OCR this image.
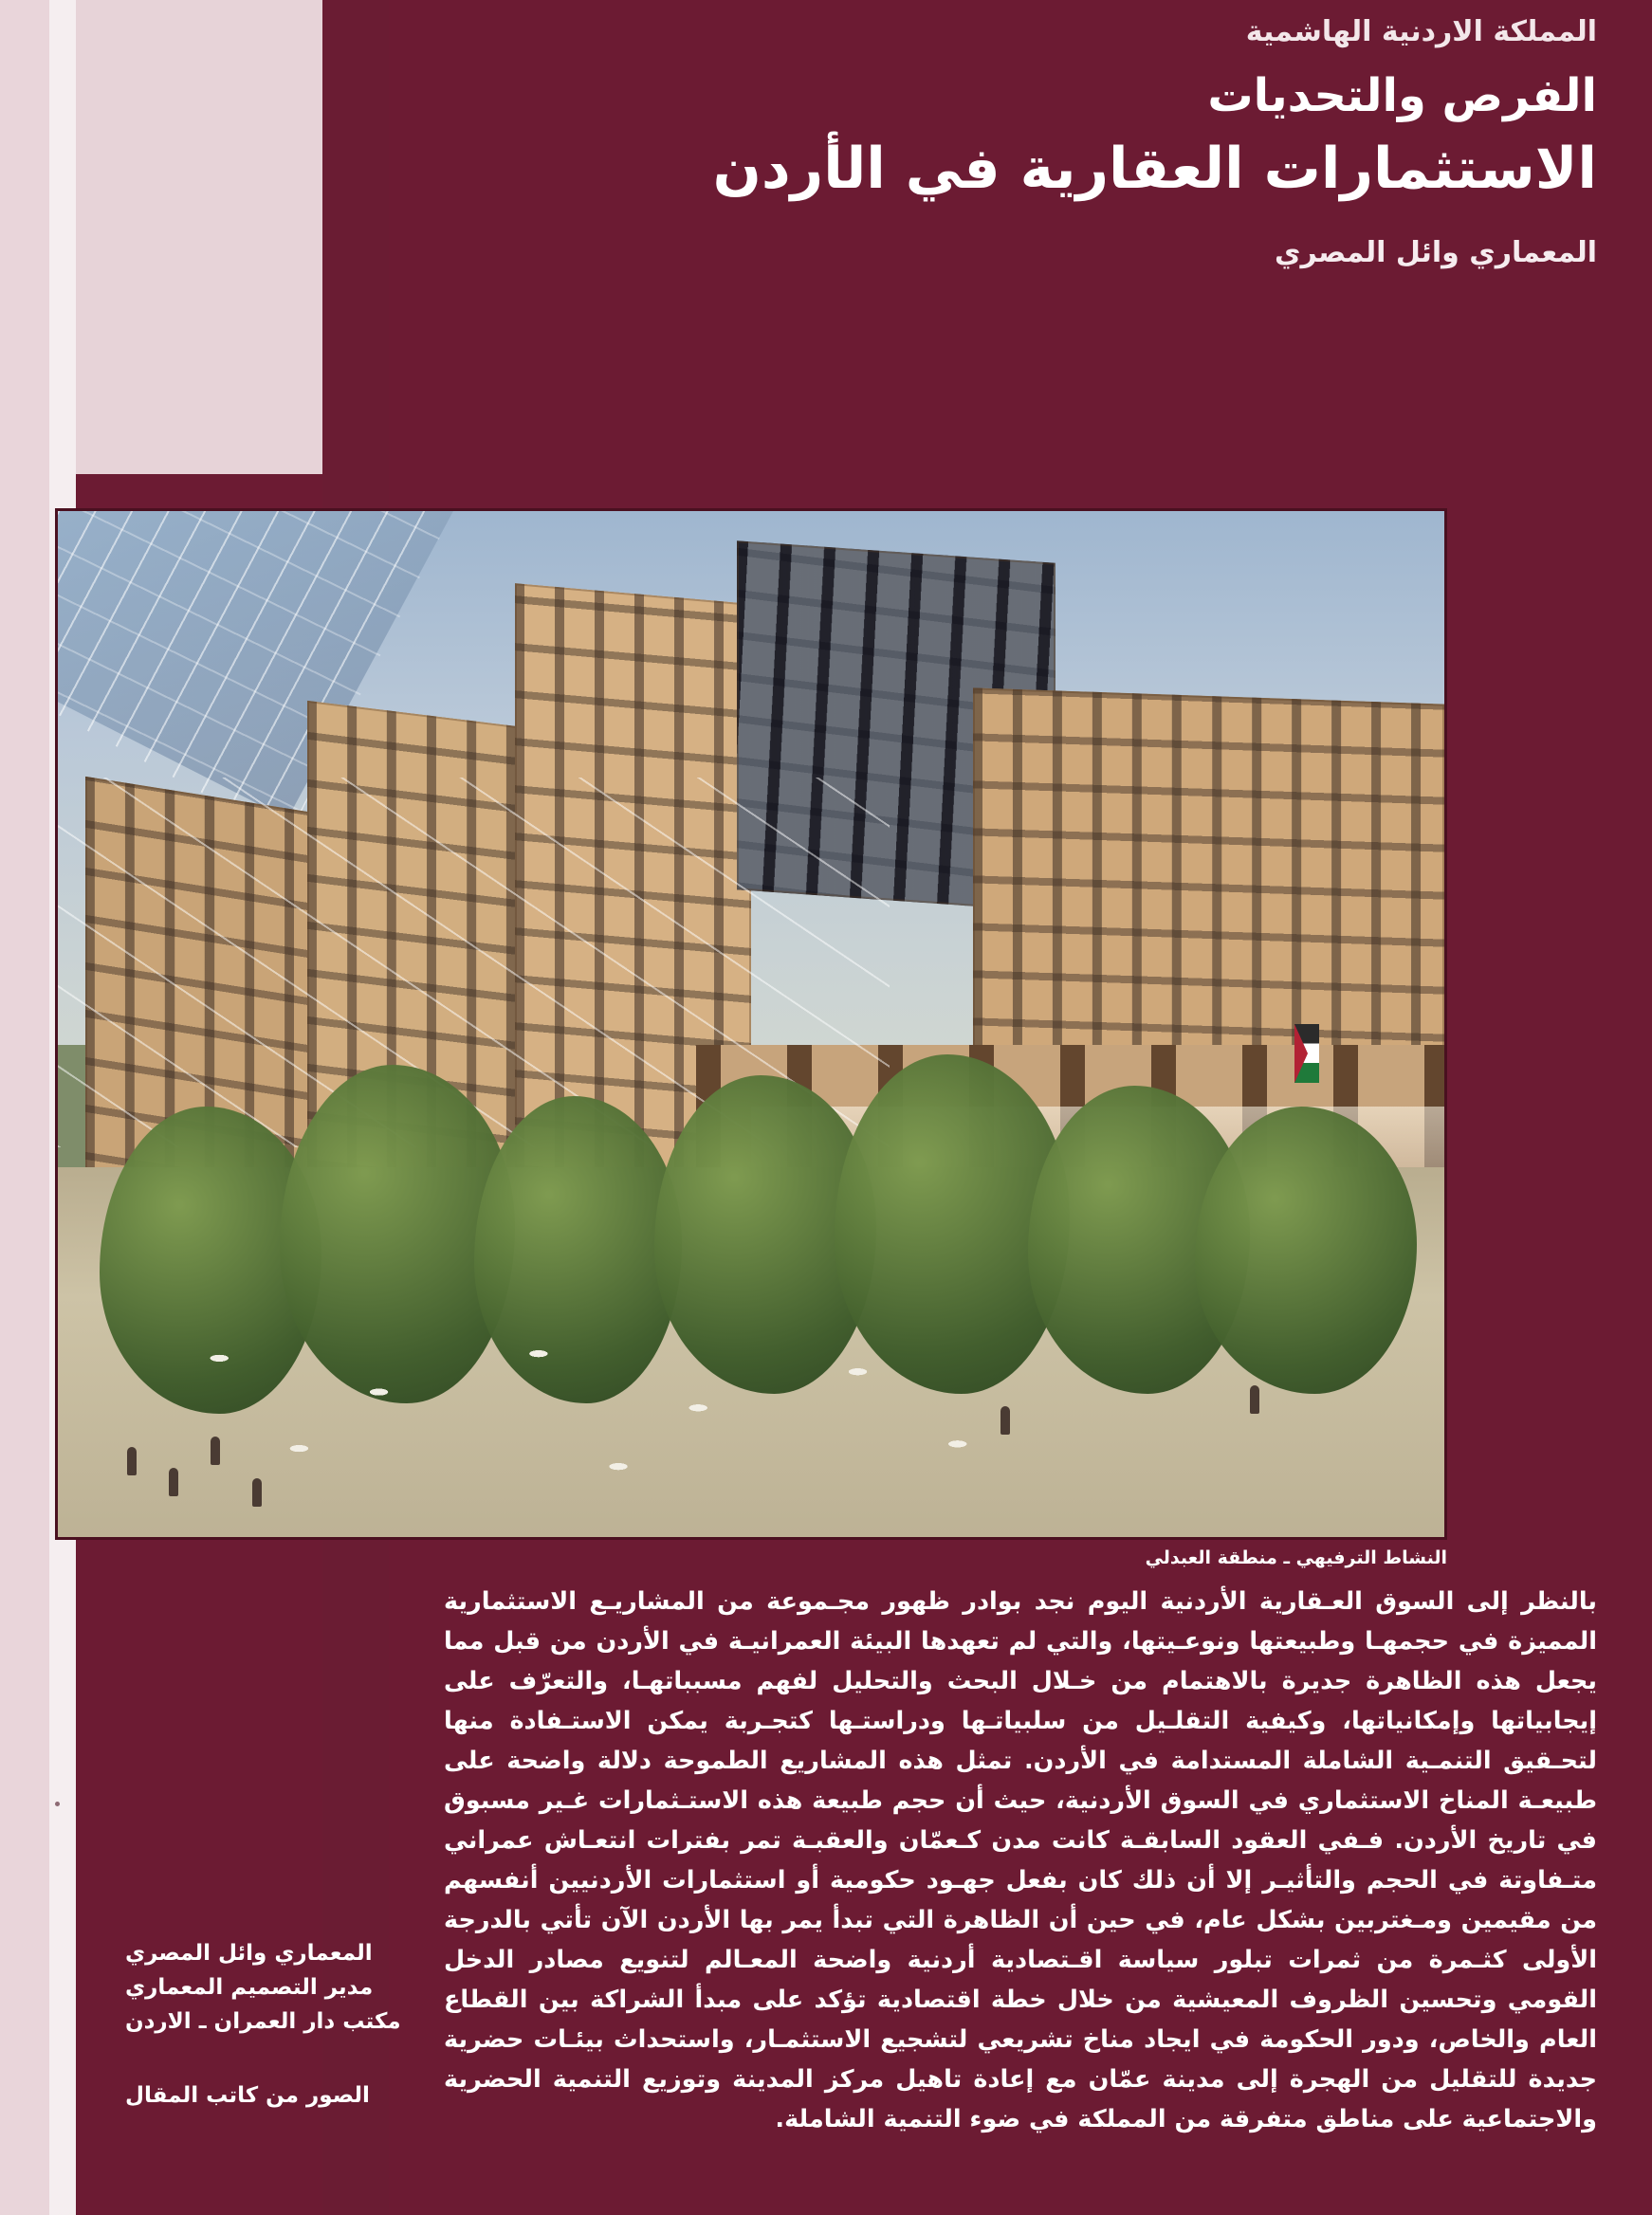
المملكة الاردنية الهاشمية

الفرص والتحديات
الاستثمارات العقارية في الأردن

المعماري وائل المصري

النشاط الترفيهي ـ منطقة العبدلي

بالنظر إلى السوق العـقارية الأردنية اليوم نجد بوادر ظهور مجـموعة من المشاريـع الاستثمارية المميزة في حجمهـا وطبيعتها ونوعـيتها، والتي لم تعهدها البيئة العمرانيـة في الأردن من قبل مما يجعل هذه الظاهرة جديرة بالاهتمام من خـلال البحث والتحليل لفهم مسبباتهـا، والتعرّف على إيجابياتها وإمكانياتها، وكيفية التقلـيل من سلبياتـها ودراستـها كتجـربة يمكن الاستـفادة منها لتحـقيق التنمـية الشاملة المستدامة في الأردن. تمثل هذه المشاريع الطموحة دلالة واضحة على طبيعـة المناخ الاستثماري في السوق الأردنية، حيث أن حجم طبيعة هذه الاستـثمارات غـير مسبوق في تاريخ الأردن. فـفي العقود السابقـة كانت مدن كـعمّان والعقبـة تمر بفترات انتعـاش عمراني متـفاوتة في الحجم والتأثيـر إلا أن ذلك كان بفعل جهـود حكومية أو استثمارات الأردنيين أنفسهم من مقيمين ومـغتربين بشكل عام، في حين أن الظاهرة التي تبدأ يمر بها الأردن الآن تأتي بالدرجة الأولى كثـمرة من ثمرات تبلور سياسة اقـتصادية أردنية واضحة المعـالم لتنويع مصادر الدخل القومي وتحسين الظروف المعيشية من خلال خطة اقتصادية تؤكد على مبدأ الشراكة بين القطاع العام والخاص، ودور الحكومة في ايجاد مناخ تشريعي لتشجيع الاستثمـار، واستحداث بيئـات حضرية جديدة للتقليل من الهجرة إلى مدينة عمّان مع إعادة تاهيل مركز المدينة وتوزيع التنمية الحضرية والاجتماعية على مناطق متفرقة من المملكة في ضوء التنمية الشاملة.

المعماري وائل المصري
مدير التصميم المعماري
مكتب دار العمران ـ الاردن
الصور من كاتب المقال
